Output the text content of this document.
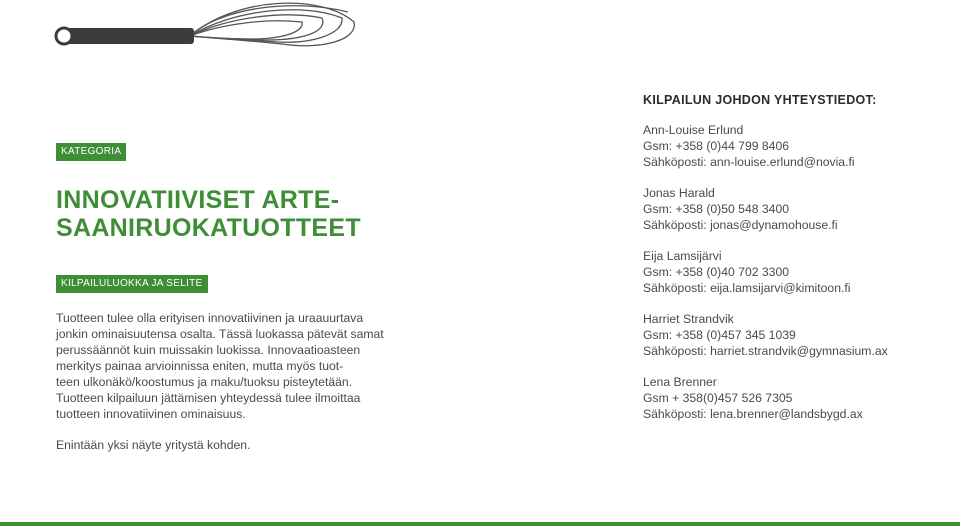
KATEGORIA
INNOVATIIVISET ARTE-
SAANIRUOKATUOTTEET
KILPAILULUOKKA JA SELITE

Tuotteen tulee olla erityisen innovatiivinen ja uraauurtava

jonkin ominaisuutensa osalta. Tässä luokassa pätevät samat

perussäännöt kuin muissakin luokissa. Innovaatioasteen

merkitys painaa arvioinnissa eniten, mutta myös tuot-

teen ulkonäkö/koostumus ja maku/tuoksu pisteytetään.

Tuotteen kilpailuun jättämisen yhteydessä tulee ilmoittaa

tuotteen innovatiivinen ominaisuus.

Enintään yksi näyte yritystä kohden.

KILPAILUN JOHDON YHTEYSTIEDOT:
Ann-Louise Erlund
Gsm: +358 (0)44 799 8406
Sähköposti: ann-louise.erlund@novia.fi
Jonas Harald
Gsm: +358 (0)50 548 3400
Sähköposti: jonas@dynamohouse.fi
Eija Lamsijärvi
Gsm: +358 (0)40 702 3300
Sähköposti: eija.lamsijarvi@kimitoon.fi
Harriet Strandvik
Gsm: +358 (0)457 345 1039
Sähköposti: harriet.strandvik@gymnasium.ax
Lena Brenner
Gsm + 358(0)457 526 7305
Sähköposti: lena.brenner@landsbygd.ax
